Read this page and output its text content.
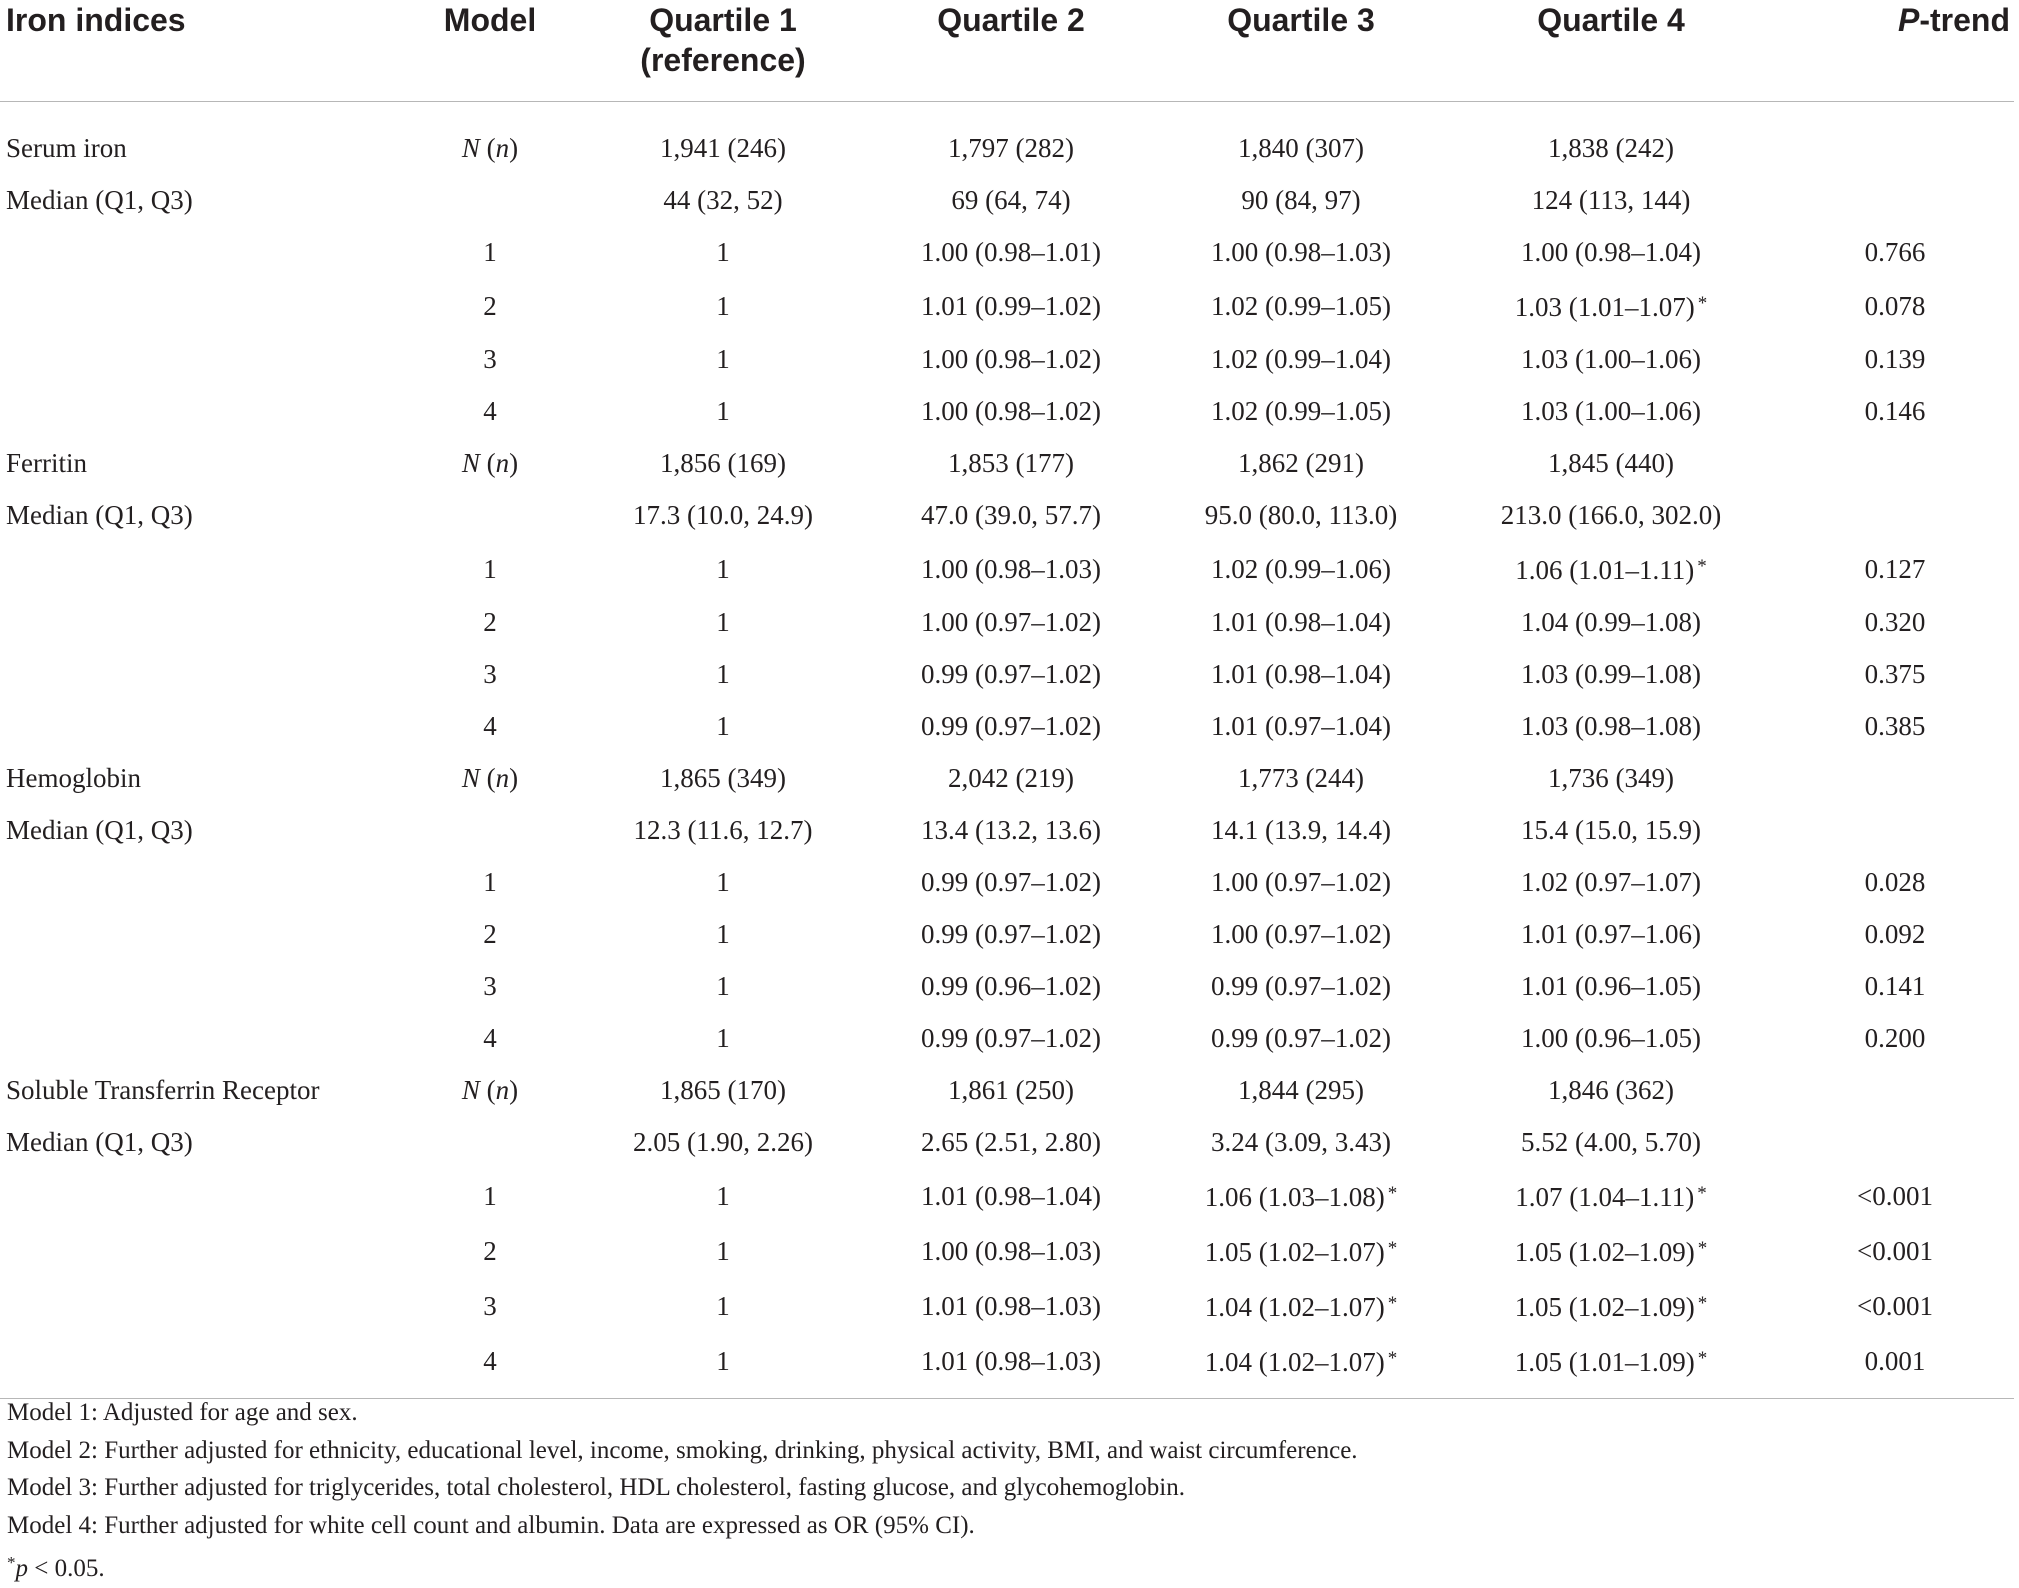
Iron indices	Model	Quartile 1
(reference)	Quartile 2	Quartile 3	Quartile 4	P-trend
Serum iron	N (n)	1,941 (246)	1,797 (282)	1,840 (307)	1,838 (242)	
Median (Q1, Q3)		44 (32, 52)	69 (64, 74)	90 (84, 97)	124 (113, 144)	
	1	1	1.00 (0.98–1.01)	1.00 (0.98–1.03)	1.00 (0.98–1.04)	0.766
	2	1	1.01 (0.99–1.02)	1.02 (0.99–1.05)	1.03 (1.01–1.07) *	0.078
	3	1	1.00 (0.98–1.02)	1.02 (0.99–1.04)	1.03 (1.00–1.06)	0.139
	4	1	1.00 (0.98–1.02)	1.02 (0.99–1.05)	1.03 (1.00–1.06)	0.146
Ferritin	N (n)	1,856 (169)	1,853 (177)	1,862 (291)	1,845 (440)	
Median (Q1, Q3)		17.3 (10.0, 24.9)	47.0 (39.0, 57.7)	95.0 (80.0, 113.0)	213.0 (166.0, 302.0)	
	1	1	1.00 (0.98–1.03)	1.02 (0.99–1.06)	1.06 (1.01–1.11) *	0.127
	2	1	1.00 (0.97–1.02)	1.01 (0.98–1.04)	1.04 (0.99–1.08)	0.320
	3	1	0.99 (0.97–1.02)	1.01 (0.98–1.04)	1.03 (0.99–1.08)	0.375
	4	1	0.99 (0.97–1.02)	1.01 (0.97–1.04)	1.03 (0.98–1.08)	0.385
Hemoglobin	N (n)	1,865 (349)	2,042 (219)	1,773 (244)	1,736 (349)	
Median (Q1, Q3)		12.3 (11.6, 12.7)	13.4 (13.2, 13.6)	14.1 (13.9, 14.4)	15.4 (15.0, 15.9)	
	1	1	0.99 (0.97–1.02)	1.00 (0.97–1.02)	1.02 (0.97–1.07)	0.028
	2	1	0.99 (0.97–1.02)	1.00 (0.97–1.02)	1.01 (0.97–1.06)	0.092
	3	1	0.99 (0.96–1.02)	0.99 (0.97–1.02)	1.01 (0.96–1.05)	0.141
	4	1	0.99 (0.97–1.02)	0.99 (0.97–1.02)	1.00 (0.96–1.05)	0.200
Soluble Transferrin Receptor	N (n)	1,865 (170)	1,861 (250)	1,844 (295)	1,846 (362)	
Median (Q1, Q3)		2.05 (1.90, 2.26)	2.65 (2.51, 2.80)	3.24 (3.09, 3.43)	5.52 (4.00, 5.70)	
	1	1	1.01 (0.98–1.04)	1.06 (1.03–1.08) *	1.07 (1.04–1.11) *	<0.001
	2	1	1.00 (0.98–1.03)	1.05 (1.02–1.07) *	1.05 (1.02–1.09) *	<0.001
	3	1	1.01 (0.98–1.03)	1.04 (1.02–1.07) *	1.05 (1.02–1.09) *	<0.001
	4	1	1.01 (0.98–1.03)	1.04 (1.02–1.07) *	1.05 (1.01–1.09) *	0.001
Model 1: Adjusted for age and sex.
Model 2: Further adjusted for ethnicity, educational level, income, smoking, drinking, physical activity, BMI, and waist circumference.
Model 3: Further adjusted for triglycerides, total cholesterol, HDL cholesterol, fasting glucose, and glycohemoglobin.
Model 4: Further adjusted for white cell count and albumin. Data are expressed as OR (95% CI).
*p < 0.05.
